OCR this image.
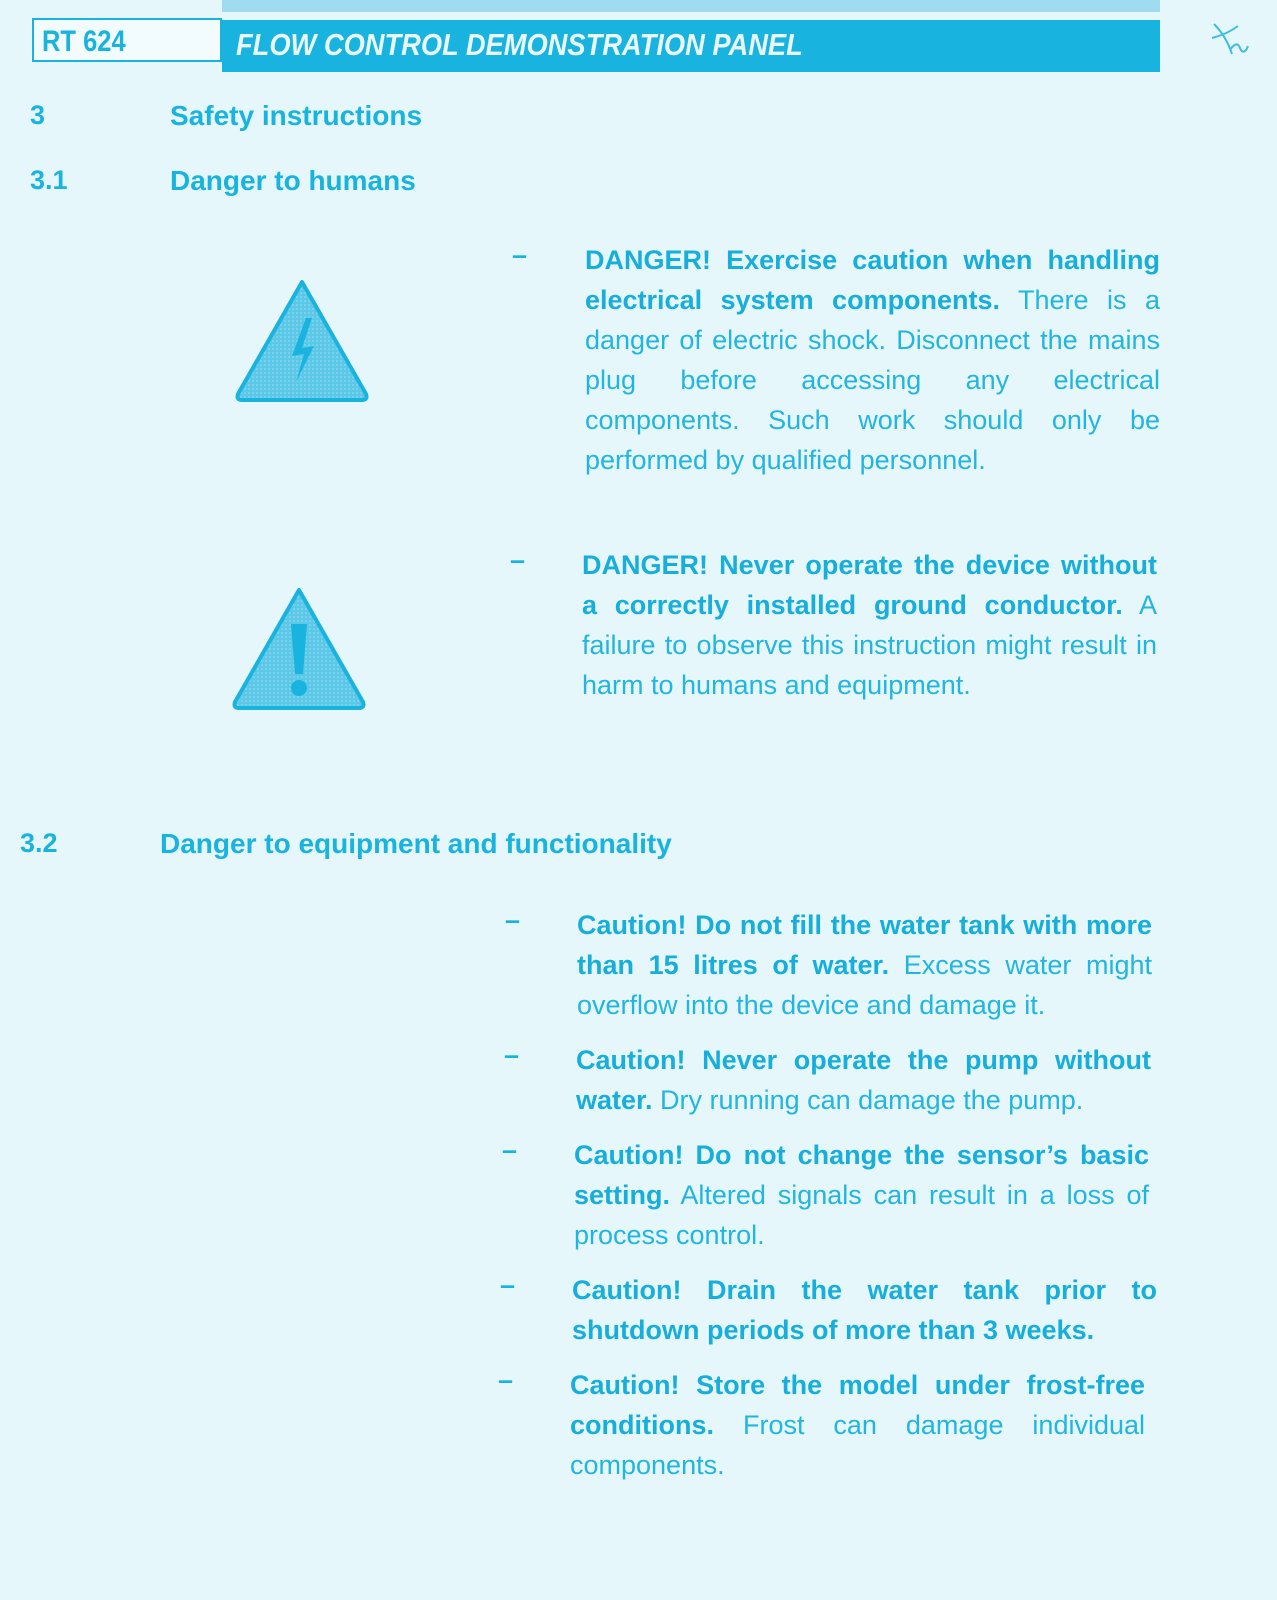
RT 624	FLOW CONTROL DEMONSTRATION PANEL
3	Safety instructions
3.1	Danger to humans
– DANGER! Exercise caution when handling electrical system components. There is a danger of electric shock. Disconnect the mains plug before accessing any electrical components. Such work should only be performed by qualified personnel.
– DANGER! Never operate the device without a correctly installed ground conductor. A failure to observe this instruction might result in harm to humans and equipment.
3.2	Danger to equipment and functionality
– Caution! Do not fill the water tank with more than 15 litres of water. Excess water might overflow into the device and damage it.
– Caution! Never operate the pump without water. Dry running can damage the pump.
– Caution! Do not change the sensor’s basic setting. Altered signals can result in a loss of process control.
– Caution! Drain the water tank prior to shutdown periods of more than 3 weeks.
– Caution! Store the model under frost-free conditions. Frost can damage individual components.
